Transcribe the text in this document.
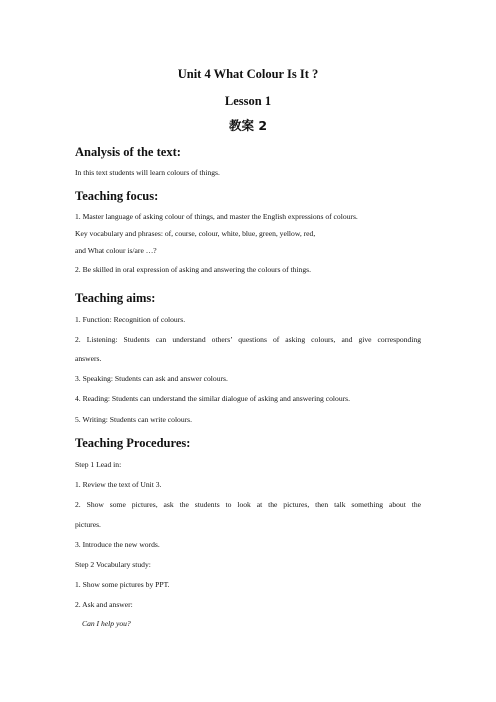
Unit 4 What Colour Is It ?
Lesson 1
教案 2
Analysis of the text:
In this text students will learn colours of things.
Teaching focus:
1. Master language of asking colour of things, and master the English expressions of colours.
Key vocabulary and phrases: of, course, colour, white, blue, green, yellow, red,
and What colour is/are …?
2. Be skilled in oral expression of asking and answering the colours of things.
Teaching aims:
1. Function: Recognition of colours.
2. Listening: Students can understand others’ questions of asking colours, and give corresponding
answers.
3. Speaking: Students can ask and answer colours.
4. Reading: Students can understand the similar dialogue of asking and answering colours.
5. Writing: Students can write colours.
Teaching Procedures:
Step 1 Lead in:
1. Review the text of Unit 3.
2. Show some pictures, ask the students to look at the pictures, then talk something about the
pictures.
3. Introduce the new words.
Step 2 Vocabulary study:
1. Show some pictures by PPT.
2. Ask and answer:
Can I help you?
